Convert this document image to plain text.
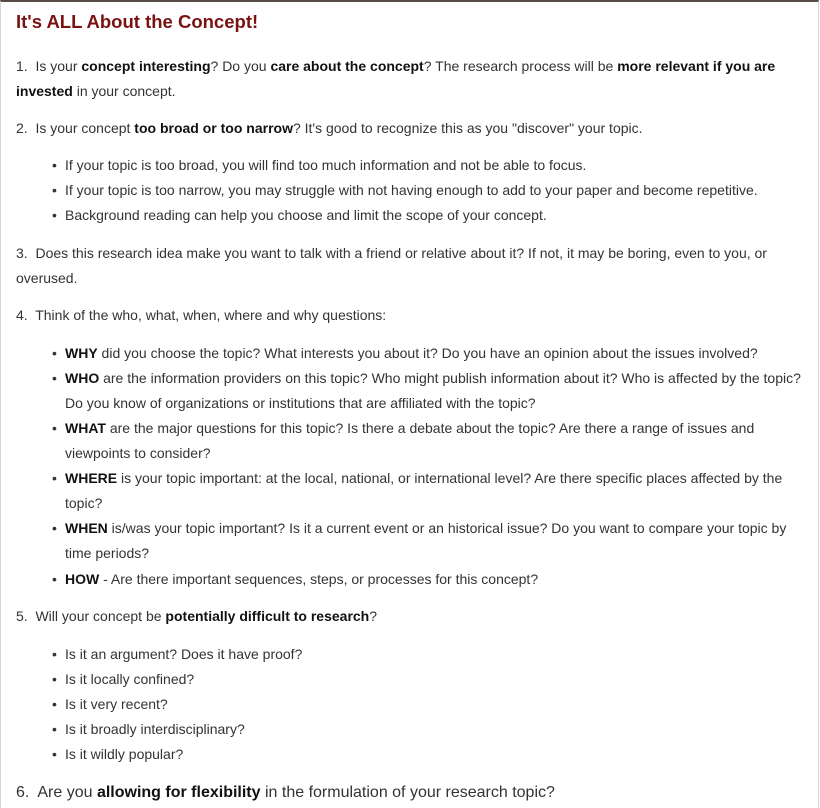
It's ALL About the Concept!

1. Is your concept interesting? Do you care about the concept? The research process will be more relevant if you are invested in your concept.

2. Is your concept too broad or too narrow? It's good to recognize this as you "discover" your topic.

• If your topic is too broad, you will find too much information and not be able to focus.
• If your topic is too narrow, you may struggle with not having enough to add to your paper and become repetitive.
• Background reading can help you choose and limit the scope of your concept.

3. Does this research idea make you want to talk with a friend or relative about it? If not, it may be boring, even to you, or overused.

4. Think of the who, what, when, where and why questions:

• WHY did you choose the topic? What interests you about it? Do you have an opinion about the issues involved?
• WHO are the information providers on this topic? Who might publish information about it? Who is affected by the topic? Do you know of organizations or institutions that are affiliated with the topic?
• WHAT are the major questions for this topic? Is there a debate about the topic? Are there a range of issues and viewpoints to consider?
• WHERE is your topic important: at the local, national, or international level? Are there specific places affected by the topic?
• WHEN is/was your topic important? Is it a current event or an historical issue? Do you want to compare your topic by time periods?
• HOW - Are there important sequences, steps, or processes for this concept?

5. Will your concept be potentially difficult to research?

• Is it an argument? Does it have proof?
• Is it locally confined?
• Is it very recent?
• Is it broadly interdisciplinary?
• Is it wildly popular?

6. Are you allowing for flexibility in the formulation of your research topic?
